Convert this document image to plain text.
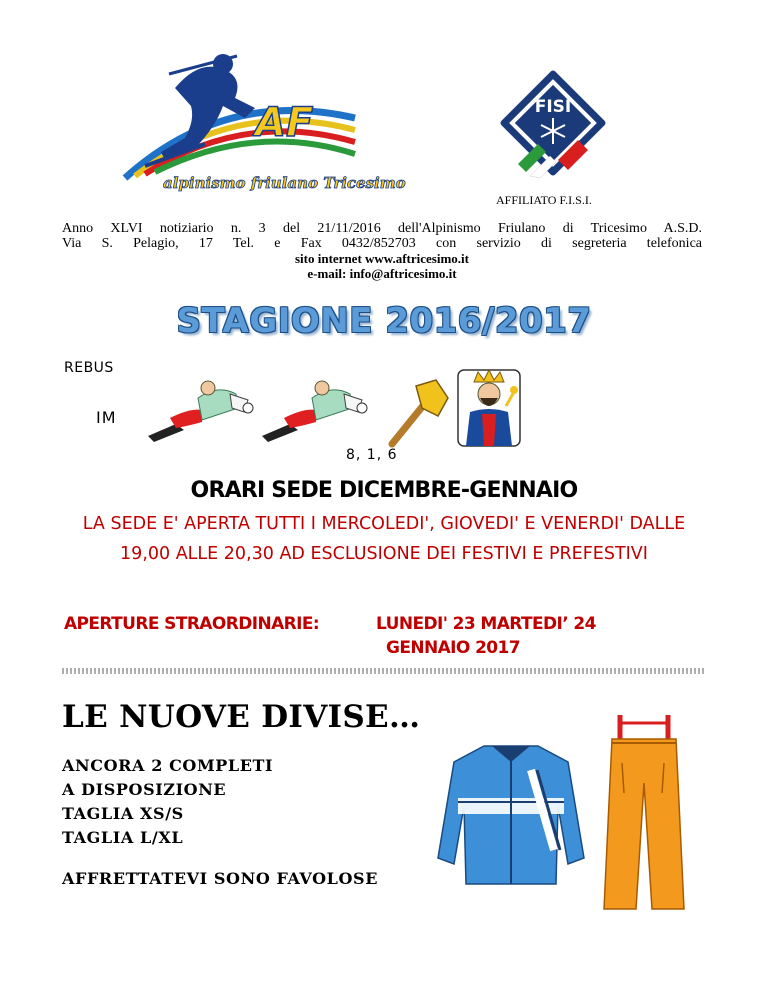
AF
alpinismo friulano Tricesimo
FISI
AFFILIATO F.I.S.I.
Anno XLVI notiziario n. 3 del 21/11/2016 dell'Alpinismo Friulano di Tricesimo A.S.D.
Via S. Pelagio, 17 Tel. e Fax 0432/852703 con servizio di segreteria telefonica
sito internet www.aftricesimo.it
e-mail: info@aftricesimo.it
STAGIONE 2016/2017
REBUS
IM
8, 1, 6
ORARI SEDE DICEMBRE-GENNAIO
LA SEDE E' APERTA TUTTI I MERCOLEDI', GIOVEDI' E VENERDI' DALLE 19,00 ALLE 20,30 AD ESCLUSIONE DEI FESTIVI E PREFESTIVI
APERTURE STRAORDINARIE:	LUNEDI' 23 MARTEDI’ 24
GENNAIO 2017
LE NUOVE DIVISE…
ANCORA 2 COMPLETI
A DISPOSIZIONE
TAGLIA XS/S
TAGLIA L/XL
AFFRETTATEVI SONO FAVOLOSE
